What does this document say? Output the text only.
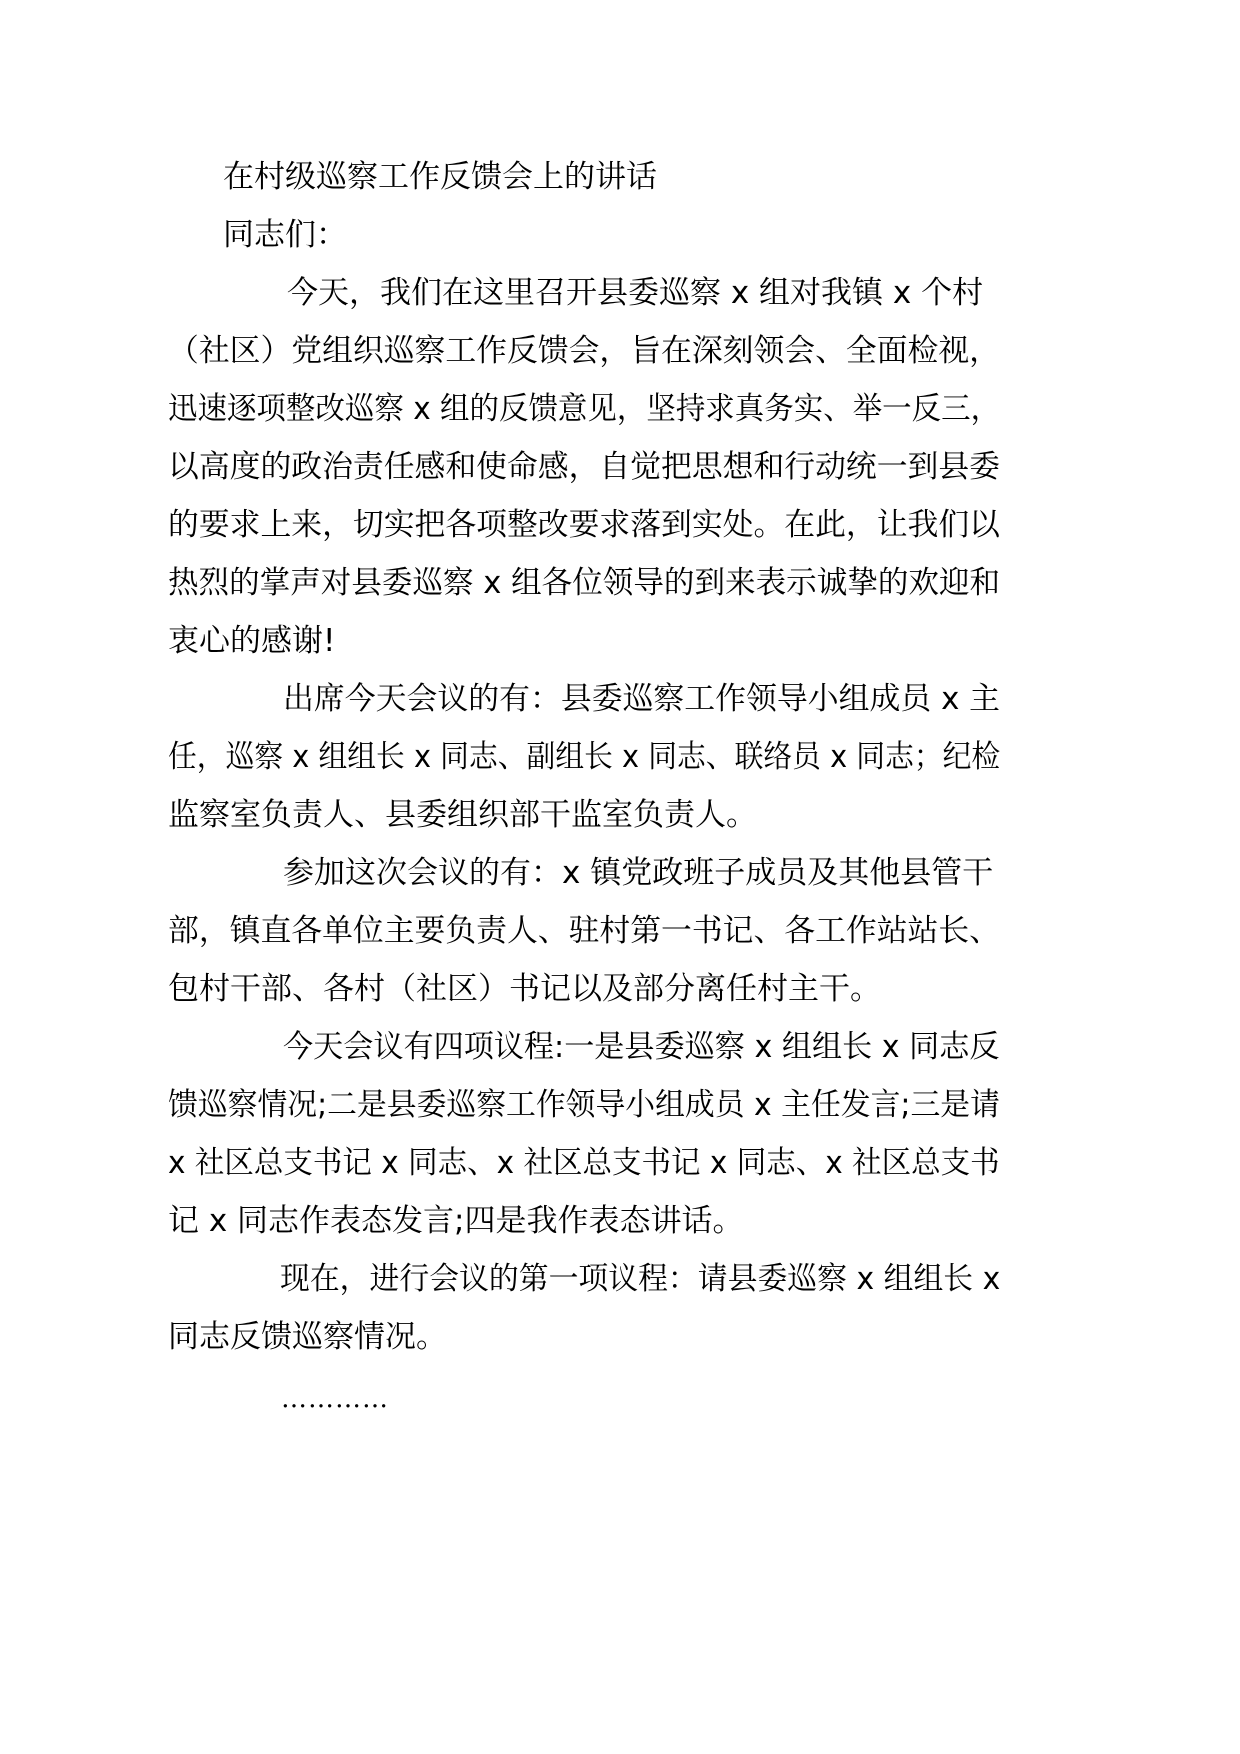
在村级巡察工作反馈会上的讲话
同志们：
今天，我们在这里召开县委巡察 x 组对我镇 x 个村
（社区）党组织巡察工作反馈会，旨在深刻领会、全面检视，
迅速逐项整改巡察 x 组的反馈意见，坚持求真务实、举一反三，
以高度的政治责任感和使命感，自觉把思想和行动统一到县委
的要求上来，切实把各项整改要求落到实处。在此，让我们以
热烈的掌声对县委巡察 x 组各位领导的到来表示诚挚的欢迎和
衷心的感谢!
出席今天会议的有：县委巡察工作领导小组成员 x 主
任，巡察 x 组组长 x 同志、副组长 x 同志、联络员 x 同志；纪检
监察室负责人、县委组织部干监室负责人。
参加这次会议的有：x 镇党政班子成员及其他县管干
部，镇直各单位主要负责人、驻村第一书记、各工作站站长、
包村干部、各村（社区）书记以及部分离任村主干。
今天会议有四项议程:一是县委巡察 x 组组长 x 同志反
馈巡察情况;二是县委巡察工作领导小组成员 x 主任发言;三是请
x 社区总支书记 x 同志、x 社区总支书记 x 同志、x 社区总支书
记 x 同志作表态发言;四是我作表态讲话。
现在，进行会议的第一项议程：请县委巡察 x 组组长 x
同志反馈巡察情况。
…………
